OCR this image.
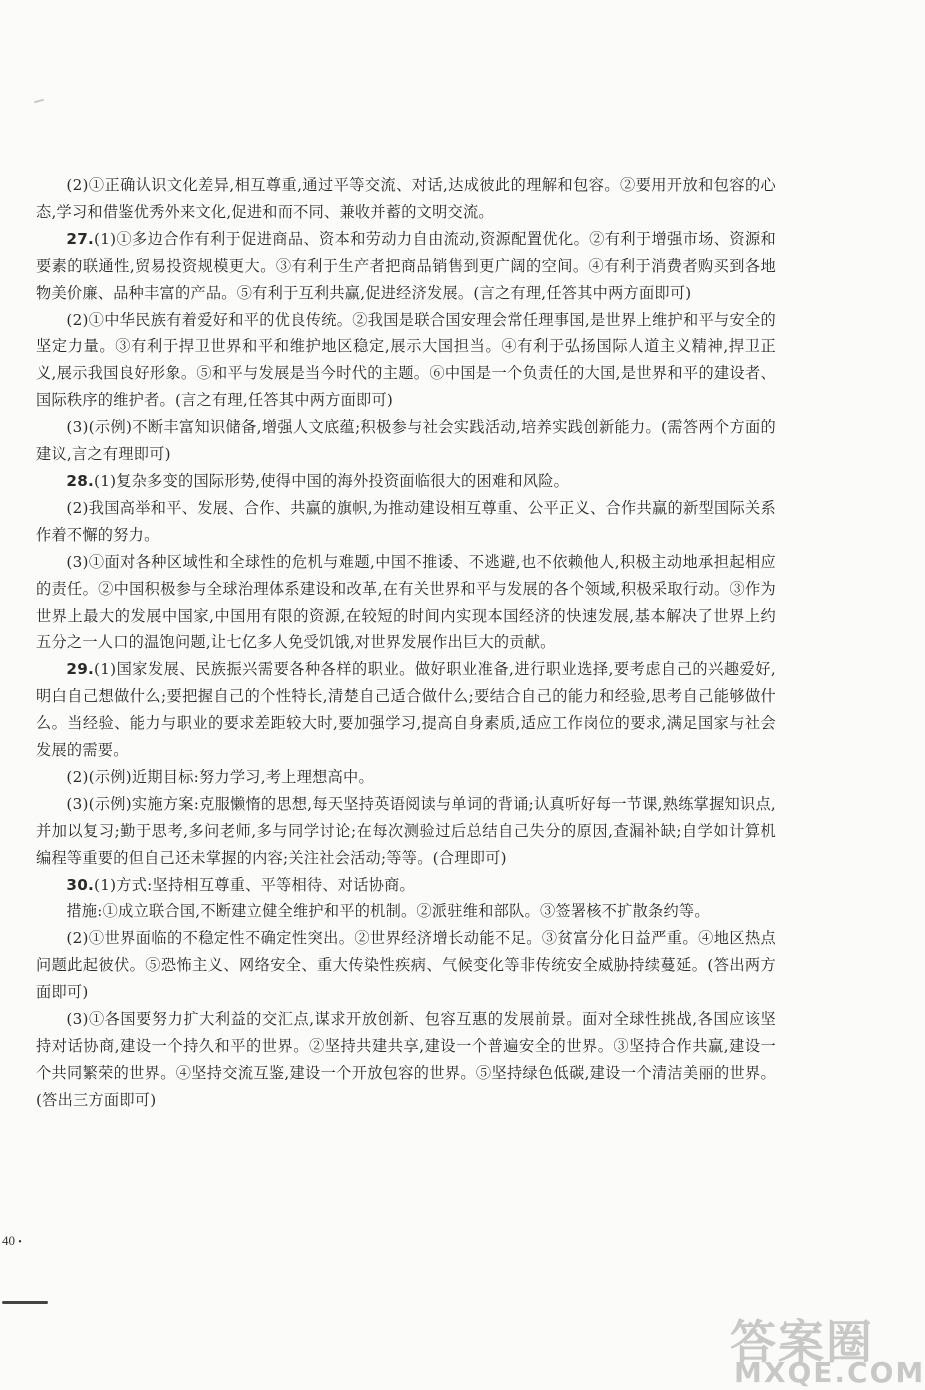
(2)①正确认识文化差异,相互尊重,通过平等交流、对话,达成彼此的理解和包容。②要用开放和包容的心态,学习和借鉴优秀外来文化,促进和而不同、兼收并蓄的文明交流。

27.(1)①多边合作有利于促进商品、资本和劳动力自由流动,资源配置优化。②有利于增强市场、资源和要素的联通性,贸易投资规模更大。③有利于生产者把商品销售到更广阔的空间。④有利于消费者购买到各地物美价廉、品种丰富的产品。⑤有利于互利共赢,促进经济发展。(言之有理,任答其中两方面即可)

(2)①中华民族有着爱好和平的优良传统。②我国是联合国安理会常任理事国,是世界上维护和平与安全的坚定力量。③有利于捍卫世界和平和维护地区稳定,展示大国担当。④有利于弘扬国际人道主义精神,捍卫正义,展示我国良好形象。⑤和平与发展是当今时代的主题。⑥中国是一个负责任的大国,是世界和平的建设者、国际秩序的维护者。(言之有理,任答其中两方面即可)

(3)(示例)不断丰富知识储备,增强人文底蕴;积极参与社会实践活动,培养实践创新能力。(需答两个方面的建议,言之有理即可)

28.(1)复杂多变的国际形势,使得中国的海外投资面临很大的困难和风险。

(2)我国高举和平、发展、合作、共赢的旗帜,为推动建设相互尊重、公平正义、合作共赢的新型国际关系作着不懈的努力。

(3)①面对各种区域性和全球性的危机与难题,中国不推诿、不逃避,也不依赖他人,积极主动地承担起相应的责任。②中国积极参与全球治理体系建设和改革,在有关世界和平与发展的各个领域,积极采取行动。③作为世界上最大的发展中国家,中国用有限的资源,在较短的时间内实现本国经济的快速发展,基本解决了世界上约五分之一人口的温饱问题,让七亿多人免受饥饿,对世界发展作出巨大的贡献。

29.(1)国家发展、民族振兴需要各种各样的职业。做好职业准备,进行职业选择,要考虑自己的兴趣爱好,明白自己想做什么;要把握自己的个性特长,清楚自己适合做什么;要结合自己的能力和经验,思考自己能够做什么。当经验、能力与职业的要求差距较大时,要加强学习,提高自身素质,适应工作岗位的要求,满足国家与社会发展的需要。

(2)(示例)近期目标:努力学习,考上理想高中。

(3)(示例)实施方案:克服懒惰的思想,每天坚持英语阅读与单词的背诵;认真听好每一节课,熟练掌握知识点,并加以复习;勤于思考,多问老师,多与同学讨论;在每次测验过后总结自己失分的原因,查漏补缺;自学如计算机编程等重要的但自己还未掌握的内容;关注社会活动;等等。(合理即可)

30.(1)方式:坚持相互尊重、平等相待、对话协商。

措施:①成立联合国,不断建立健全维护和平的机制。②派驻维和部队。③签署核不扩散条约等。

(2)①世界面临的不稳定性不确定性突出。②世界经济增长动能不足。③贫富分化日益严重。④地区热点问题此起彼伏。⑤恐怖主义、网络安全、重大传染性疾病、气候变化等非传统安全威胁持续蔓延。(答出两方面即可)

(3)①各国要努力扩大利益的交汇点,谋求开放创新、包容互惠的发展前景。面对全球性挑战,各国应该坚持对话协商,建设一个持久和平的世界。②坚持共建共享,建设一个普遍安全的世界。③坚持合作共赢,建设一个共同繁荣的世界。④坚持交流互鉴,建设一个开放包容的世界。⑤坚持绿色低碳,建设一个清洁美丽的世界。(答出三方面即可)

40 •
答案圈
MXQE.COM
